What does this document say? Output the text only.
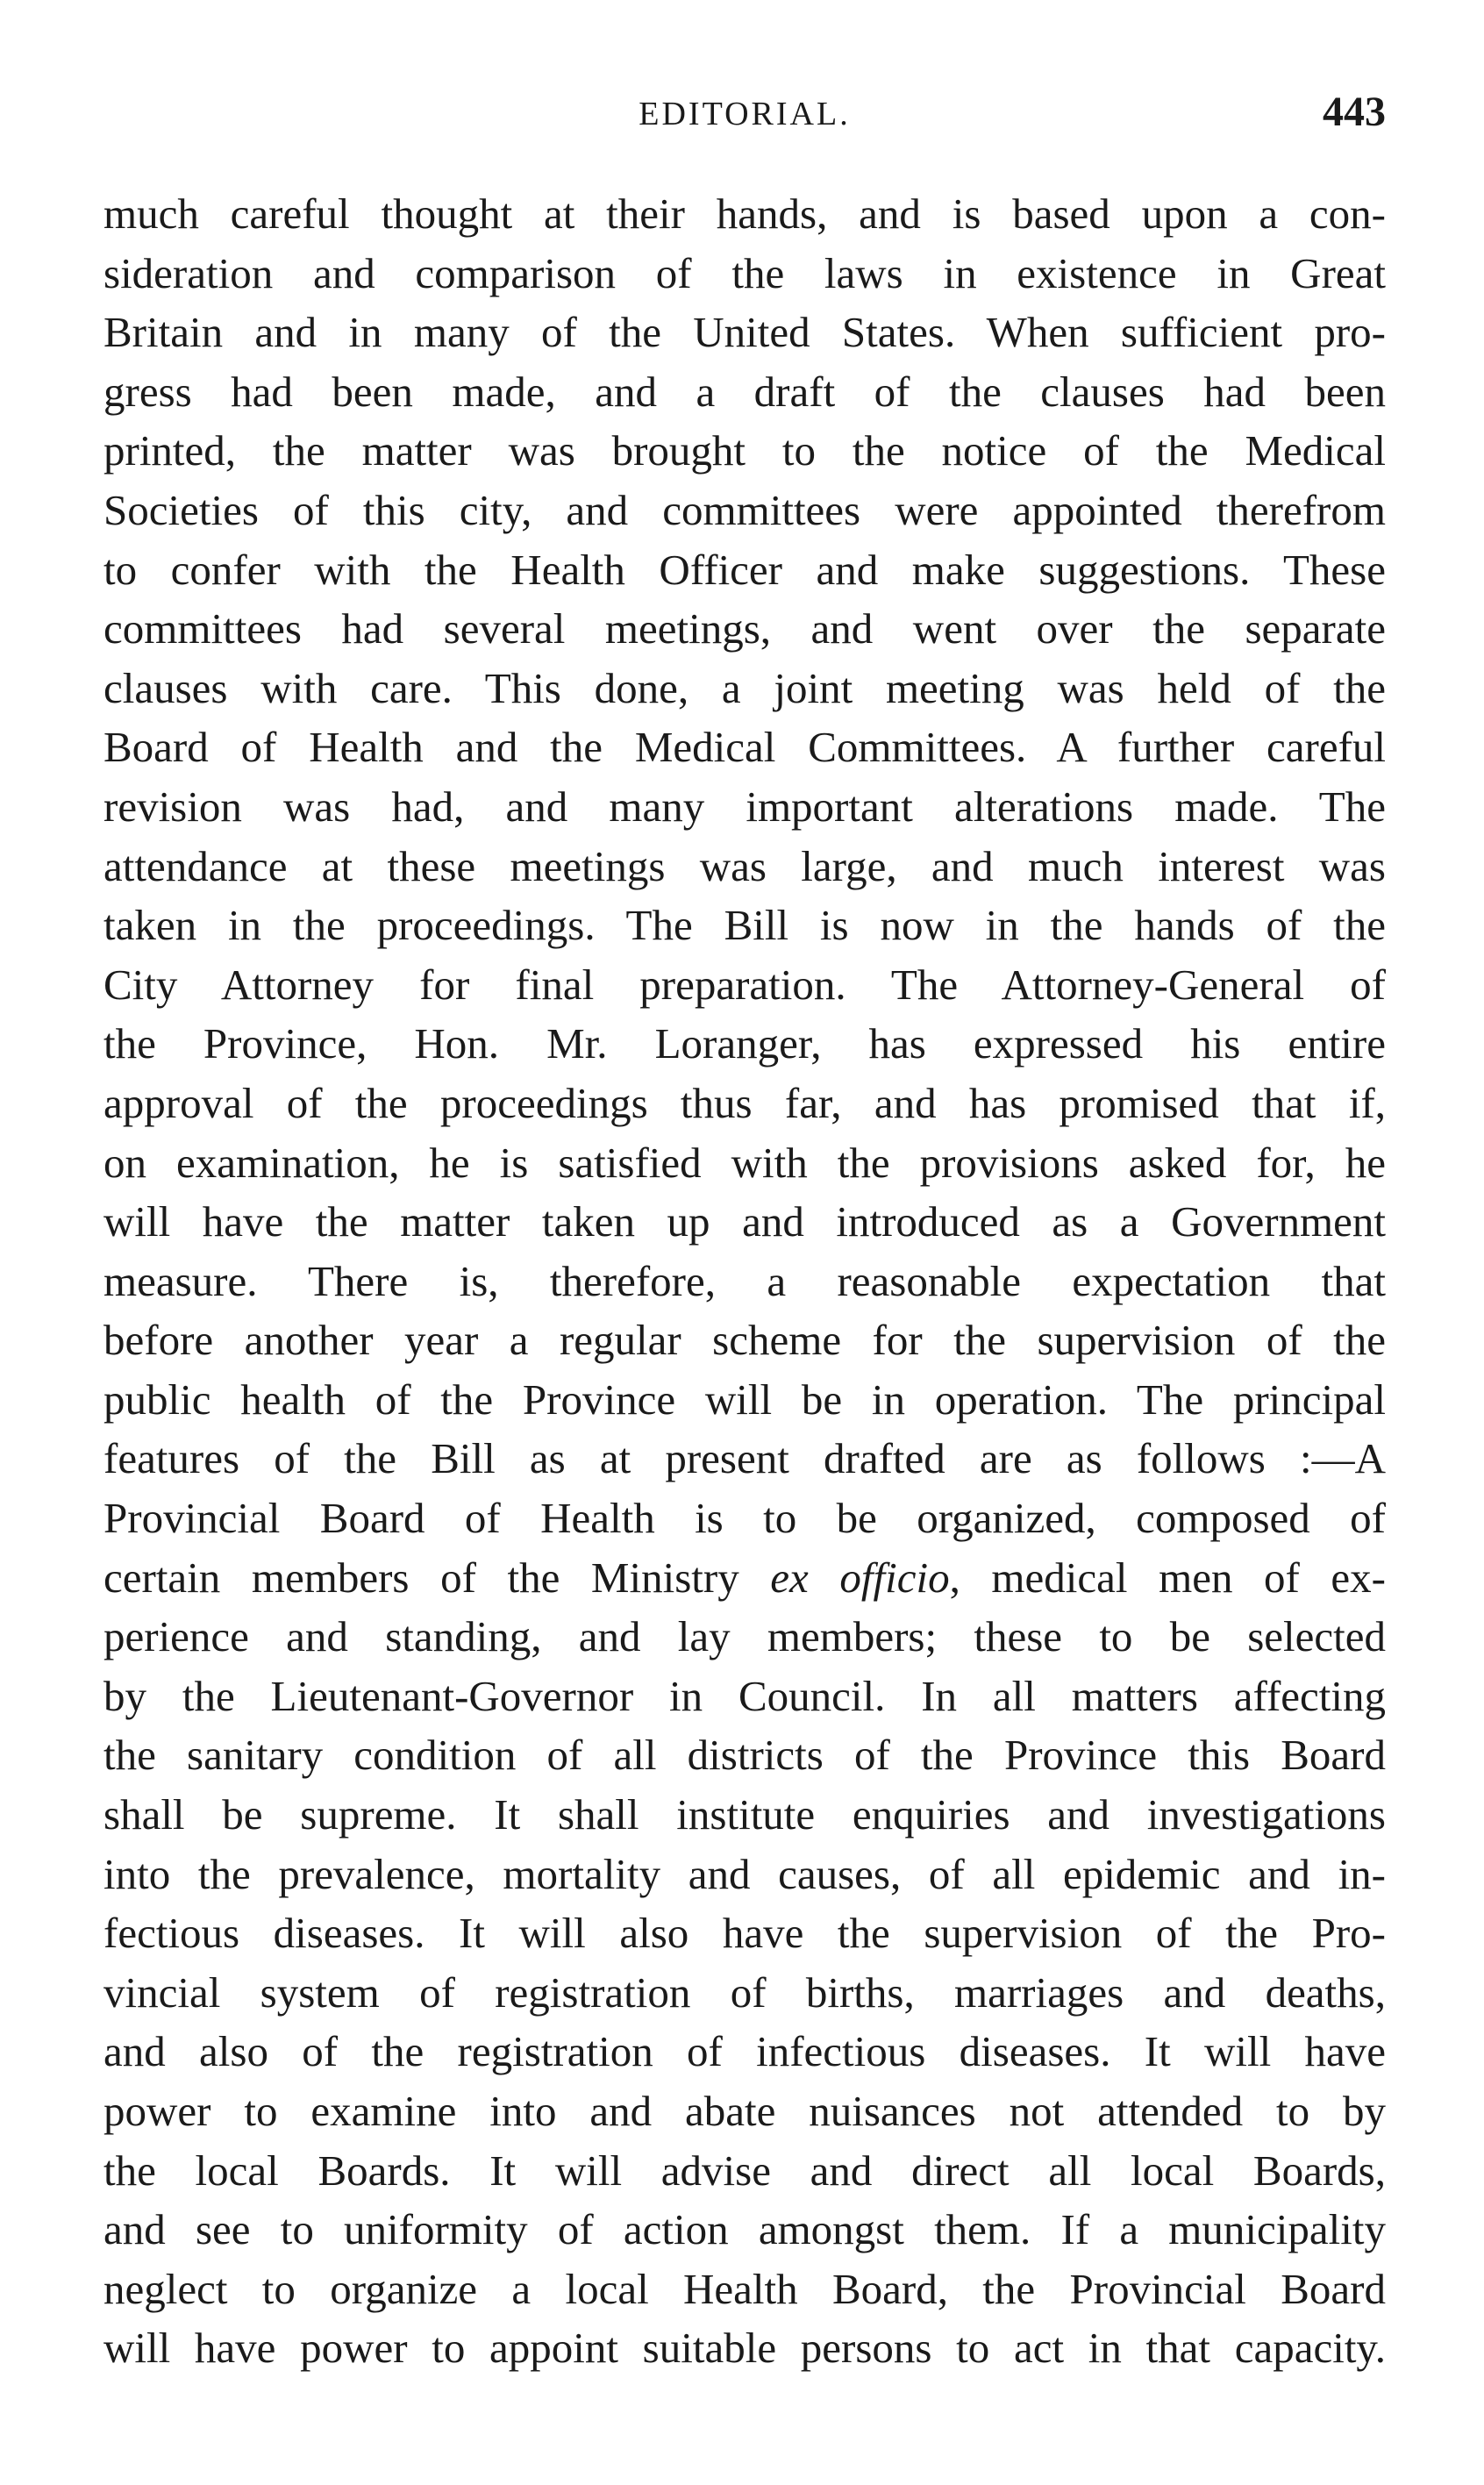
EDITORIAL.	443
much careful thought at their hands, and is based upon a con-
sideration and comparison of the laws in existence in Great
Britain and in many of the United States. When sufficient pro-
gress had been made, and a draft of the clauses had been
printed, the matter was brought to the notice of the Medical
Societies of this city, and committees were appointed therefrom
to confer with the Health Officer and make suggestions. These
committees had several meetings, and went over the separate
clauses with care. This done, a joint meeting was held of the
Board of Health and the Medical Committees. A further careful
revision was had, and many important alterations made. The
attendance at these meetings was large, and much interest was
taken in the proceedings. The Bill is now in the hands of the
City Attorney for final preparation. The Attorney-General of
the Province, Hon. Mr. Loranger, has expressed his entire
approval of the proceedings thus far, and has promised that if,
on examination, he is satisfied with the provisions asked for, he
will have the matter taken up and introduced as a Government
measure. There is, therefore, a reasonable expectation that
before another year a regular scheme for the supervision of the
public health of the Province will be in operation. The principal
features of the Bill as at present drafted are as follows :—A
Provincial Board of Health is to be organized, composed of
certain members of the Ministry ex officio, medical men of ex-
perience and standing, and lay members; these to be selected
by the Lieutenant-Governor in Council. In all matters affecting
the sanitary condition of all districts of the Province this Board
shall be supreme. It shall institute enquiries and investigations
into the prevalence, mortality and causes, of all epidemic and in-
fectious diseases. It will also have the supervision of the Pro-
vincial system of registration of births, marriages and deaths,
and also of the registration of infectious diseases. It will have
power to examine into and abate nuisances not attended to by
the local Boards. It will advise and direct all local Boards,
and see to uniformity of action amongst them. If a municipality
neglect to organize a local Health Board, the Provincial Board
will have power to appoint suitable persons to act in that capacity.
